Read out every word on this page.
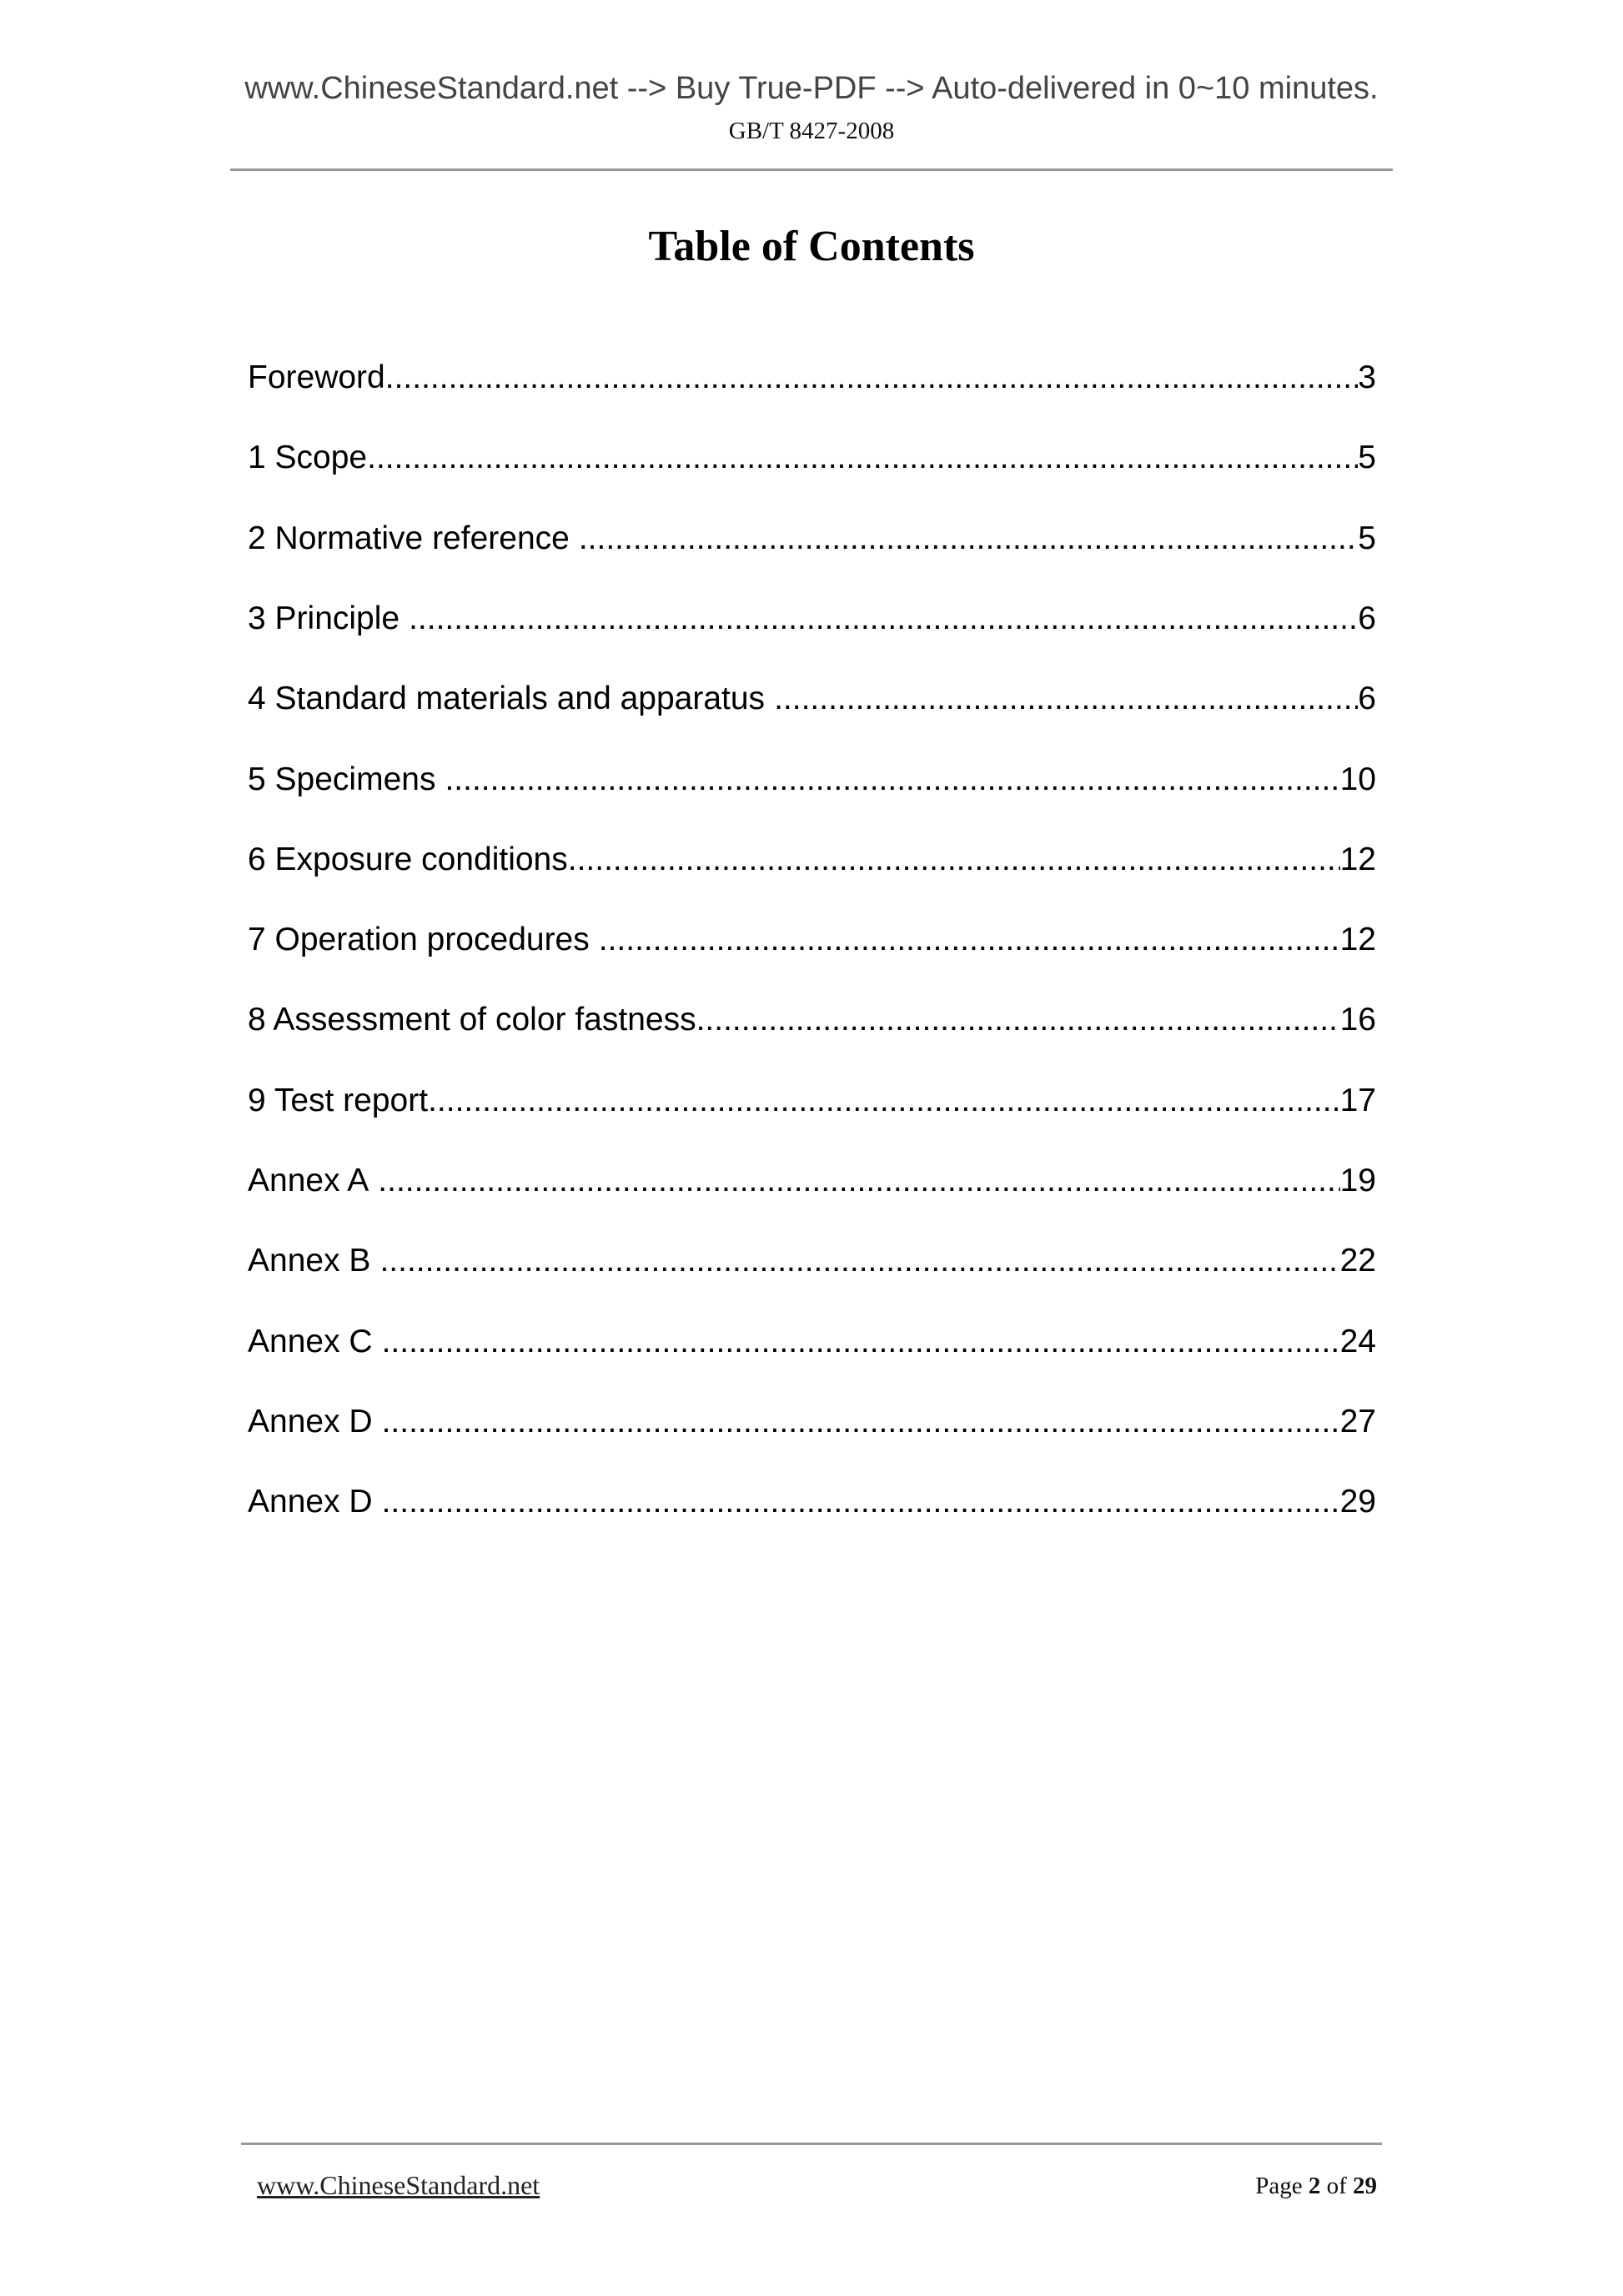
www.ChineseStandard.net --> Buy True-PDF --> Auto-delivered in 0~10 minutes.
GB/T 8427-2008
Table of Contents
Foreword .....	3
1 Scope .....	5
2 Normative reference .....	5
3 Principle .....	6
4 Standard materials and apparatus .....	6
5 Specimens .....	10
6 Exposure conditions .....	12
7 Operation procedures .....	12
8 Assessment of color fastness .....	16
9 Test report .....	17
Annex A .....	19
Annex B .....	22
Annex C .....	24
Annex D .....	27
Annex D .....	29
www.ChineseStandard.net	Page 2 of 29
